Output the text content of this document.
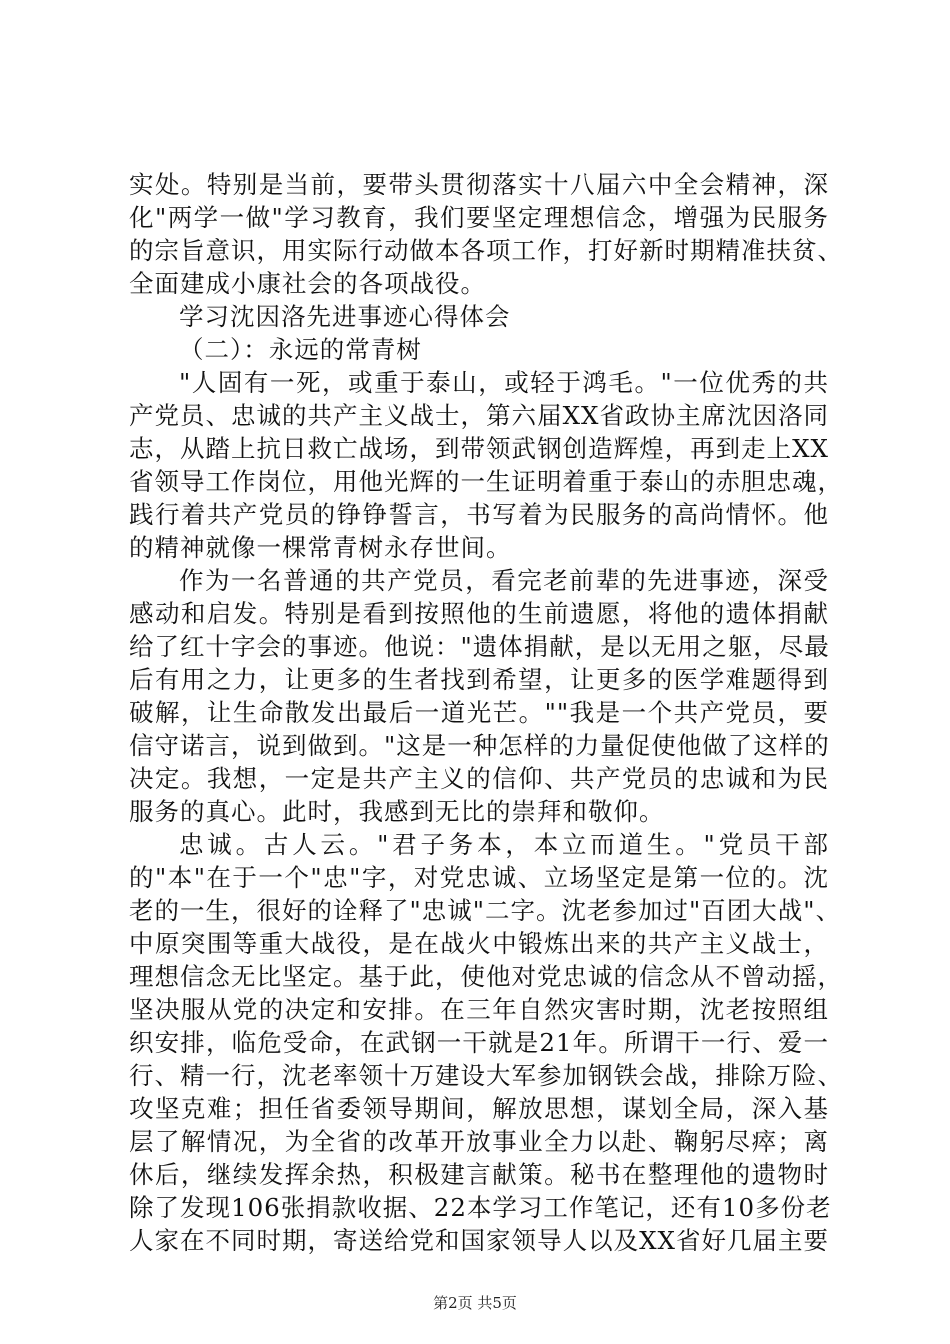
实处。特别是当前，要带头贯彻落实十八届六中全会精神，深
化"两学一做"学习教育，我们要坚定理想信念，增强为民服务
的宗旨意识，用实际行动做本各项工作，打好新时期精准扶贫、
全面建成小康社会的各项战役。
学习沈因洛先进事迹心得体会
（二）：永远的常青树
"人固有一死，或重于泰山，或轻于鸿毛。"一位优秀的共
产党员、忠诚的共产主义战士，第六届XX省政协主席沈因洛同
志，从踏上抗日救亡战场，到带领武钢创造辉煌，再到走上XX
省领导工作岗位，用他光辉的一生证明着重于泰山的赤胆忠魂，
践行着共产党员的铮铮誓言，书写着为民服务的高尚情怀。他
的精神就像一棵常青树永存世间。
作为一名普通的共产党员，看完老前辈的先进事迹，深受
感动和启发。特别是看到按照他的生前遗愿，将他的遗体捐献
给了红十字会的事迹。他说："遗体捐献，是以无用之躯，尽最
后有用之力，让更多的生者找到希望，让更多的医学难题得到
破解，让生命散发出最后一道光芒。""我是一个共产党员，要
信守诺言，说到做到。"这是一种怎样的力量促使他做了这样的
决定。我想，一定是共产主义的信仰、共产党员的忠诚和为民
服务的真心。此时，我感到无比的崇拜和敬仰。
忠诚。古人云。"君子务本，本立而道生。"党员干部
的"本"在于一个"忠"字，对党忠诚、立场坚定是第一位的。沈
老的一生，很好的诠释了"忠诚"二字。沈老参加过"百团大战"、
中原突围等重大战役，是在战火中锻炼出来的共产主义战士，
理想信念无比坚定。基于此，使他对党忠诚的信念从不曾动摇，
坚决服从党的决定和安排。在三年自然灾害时期，沈老按照组
织安排，临危受命，在武钢一干就是21年。所谓干一行、爱一
行、精一行，沈老率领十万建设大军参加钢铁会战，排除万险、
攻坚克难；担任省委领导期间，解放思想，谋划全局，深入基
层了解情况，为全省的改革开放事业全力以赴、鞠躬尽瘁；离
休后，继续发挥余热，积极建言献策。秘书在整理他的遗物时
除了发现106张捐款收据、22本学习工作笔记，还有10多份老
人家在不同时期，寄送给党和国家领导人以及XX省好几届主要
第2页 共5页
